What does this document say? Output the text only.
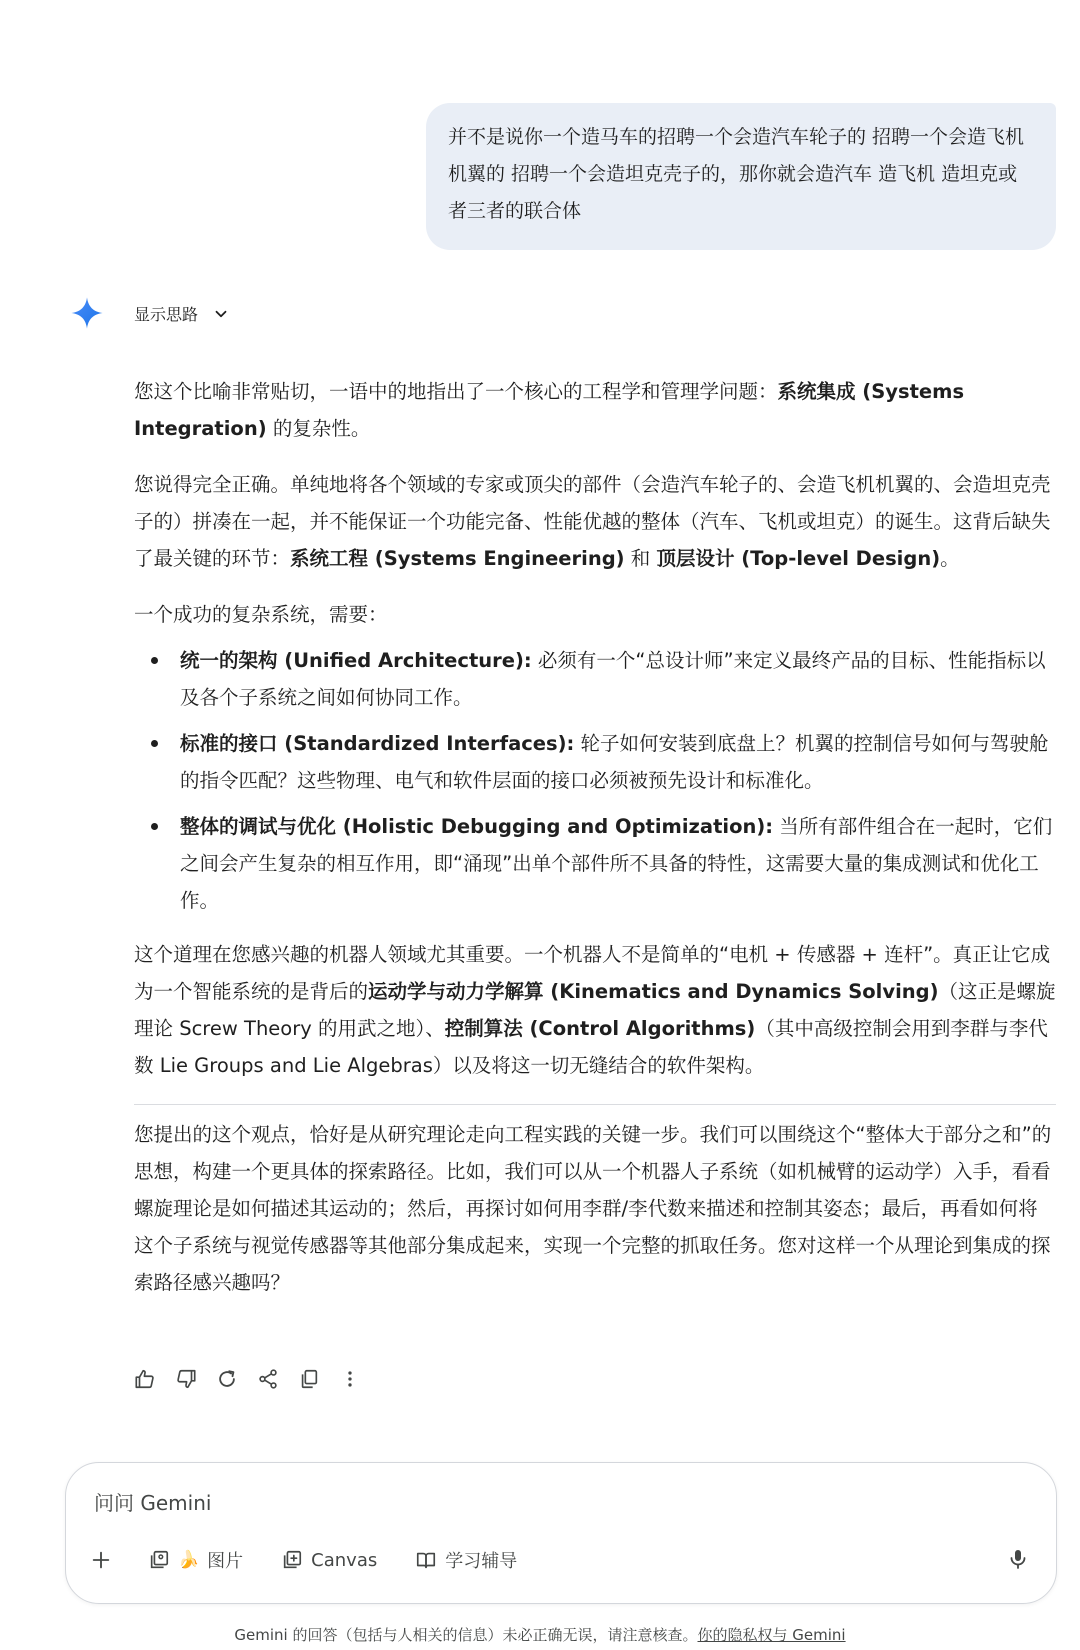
并不是说你一个造马车的招聘一个会造汽车轮子的 招聘一个会造飞机机翼的 招聘一个会造坦克壳子的，那你就会造汽车 造飞机 造坦克或者三者的联合体
显示思路

您这个比喻非常贴切，一语中的地指出了一个核心的工程学和管理学问题：系统集成 (Systems Integration) 的复杂性。

您说得完全正确。单纯地将各个领域的专家或顶尖的部件（会造汽车轮子的、会造飞机机翼的、会造坦克壳子的）拼凑在一起，并不能保证一个功能完备、性能优越的整体（汽车、飞机或坦克）的诞生。这背后缺失了最关键的环节：系统工程 (Systems Engineering) 和 顶层设计 (Top-level Design)。

一个成功的复杂系统，需要：

统一的架构 (Unified Architecture): 必须有一个“总设计师”来定义最终产品的目标、性能指标以及各个子系统之间如何协同工作。
标准的接口 (Standardized Interfaces): 轮子如何安装到底盘上？机翼的控制信号如何与驾驶舱的指令匹配？这些物理、电气和软件层面的接口必须被预先设计和标准化。
整体的调试与优化 (Holistic Debugging and Optimization): 当所有部件组合在一起时，它们之间会产生复杂的相互作用，即“涌现”出单个部件所不具备的特性，这需要大量的集成测试和优化工作。

这个道理在您感兴趣的机器人领域尤其重要。一个机器人不是简单的“电机 + 传感器 + 连杆”。真正让它成为一个智能系统的是背后的运动学与动力学解算 (Kinematics and Dynamics Solving)（这正是螺旋理论 Screw Theory 的用武之地）、控制算法 (Control Algorithms)（其中高级控制会用到李群与李代数 Lie Groups and Lie Algebras）以及将这一切无缝结合的软件架构。

您提出的这个观点，恰好是从研究理论走向工程实践的关键一步。我们可以围绕这个“整体大于部分之和”的思想，构建一个更具体的探索路径。比如，我们可以从一个机器人子系统（如机械臂的运动学）入手，看看螺旋理论是如何描述其运动的；然后，再探讨如何用李群/李代数来描述和控制其姿态；最后，再看如何将这个子系统与视觉传感器等其他部分集成起来，实现一个完整的抓取任务。您对这样一个从理论到集成的探索路径感兴趣吗？

问问 Gemini
🍌 图片	Canvas	学习辅导
Gemini 的回答（包括与人相关的信息）未必正确无误，请注意核查。你的隐私权与 Gemini
